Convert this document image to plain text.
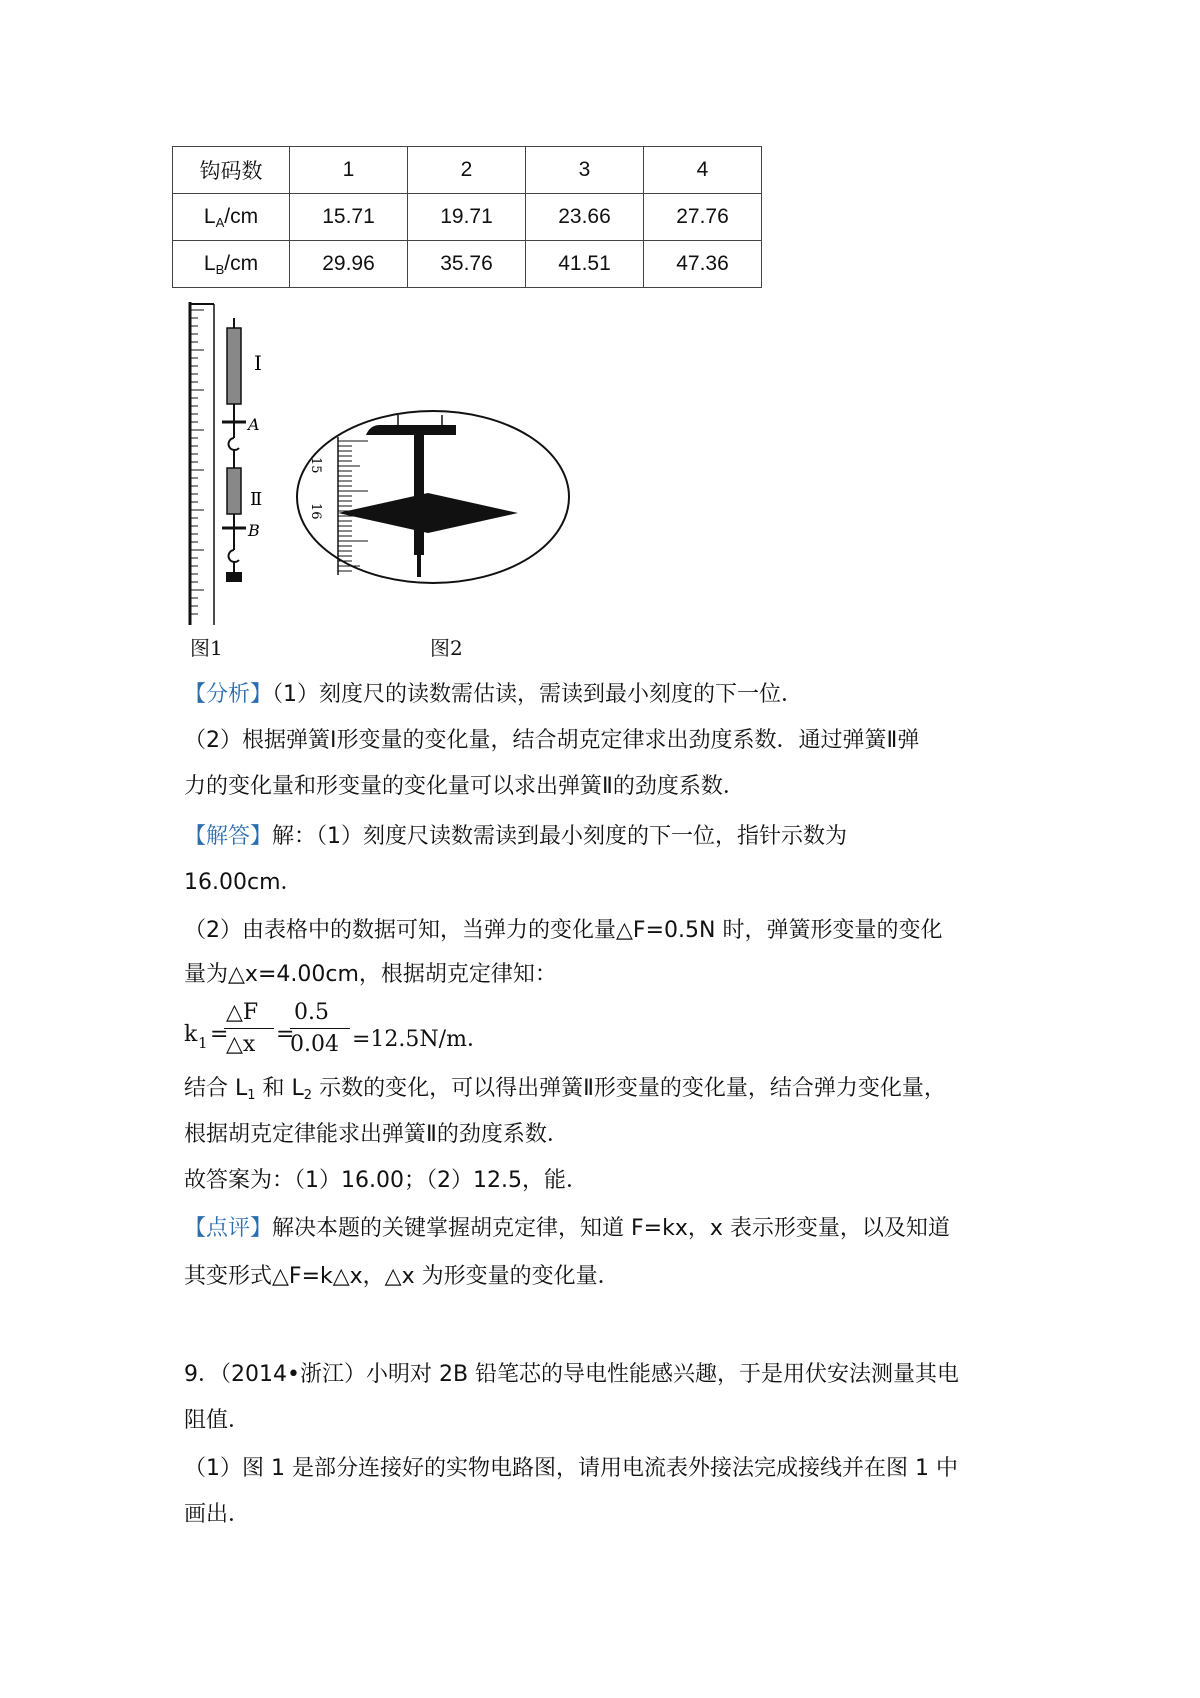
钩码数	1	2	3	4
$L_A/cm$	15.71	19.71	23.66	27.76
$L_B/cm$	29.96	35.76	41.51	47.36
Ⅰ
A
Ⅱ
B
15
16
图1	图2
【分析】（1）刻度尺的读数需估读，需读到最小刻度的下一位．
（2）根据弹簧Ⅰ形变量的变化量，结合胡克定律求出劲度系数．通过弹簧Ⅱ弹
力的变化量和形变量的变化量可以求出弹簧Ⅱ的劲度系数．
【解答】解：（1）刻度尺读数需读到最小刻度的下一位，指针示数为
16.00cm．
（2）由表格中的数据可知，当弹力的变化量△F=0.5N 时，弹簧形变量的变化
量为△x=4.00cm，根据胡克定律知：
k 1 =
△F
△x =
0.5
0.04 =12.5N/m．
结合 $L_1$ 和 $L_2$ 示数的变化，可以得出弹簧Ⅱ形变量的变化量，结合弹力变化量，
根据胡克定律能求出弹簧Ⅱ的劲度系数．
故答案为：（1）16.00；（2）12.5，能．
【点评】解决本题的关键掌握胡克定律，知道 F=kx，x 表示形变量，以及知道
其变形式△F=k△x，△x 为形变量的变化量．
9．（2014•浙江）小明对 2B 铅笔芯的导电性能感兴趣，于是用伏安法测量其电
阻值．
（1）图 1 是部分连接好的实物电路图，请用电流表外接法完成接线并在图 1 中
画出．
